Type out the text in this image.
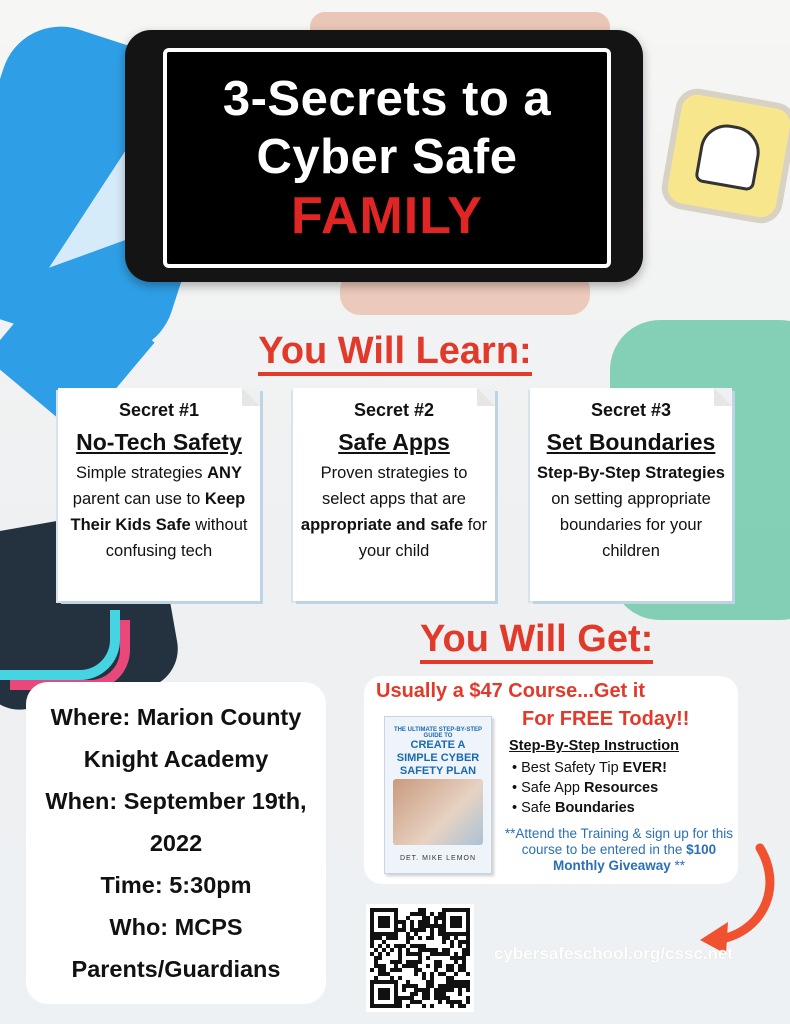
3-Secrets to a
Cyber Safe
FAMILY
You Will Learn:
Secret #1
No-Tech Safety
Simple strategies ANY parent can use to Keep Their Kids Safe without confusing tech
Secret #2
Safe Apps
Proven strategies to select apps that are appropriate and safe for your child
Secret #3
Set Boundaries
Step-By-Step Strategies on setting appropriate boundaries for your children
You Will Get:
Where: Marion County
Knight Academy
When: September 19th,
2022
Time: 5:30pm
Who: MCPS
Parents/Guardians
Usually a $47 Course...Get it
For FREE Today!!
THE ULTIMATE STEP-BY-STEP GUIDE TO
CREATE A SIMPLE CYBER SAFETY PLAN
DET. MIKE LEMON
Step-By-Step Instruction
• Best Safety Tip EVER!
• Safe App Resources
• Safe Boundaries
**Attend the Training & sign up for this course to be entered in the $100 Monthly Giveaway **
cybersafeschool.org/cssc.net
